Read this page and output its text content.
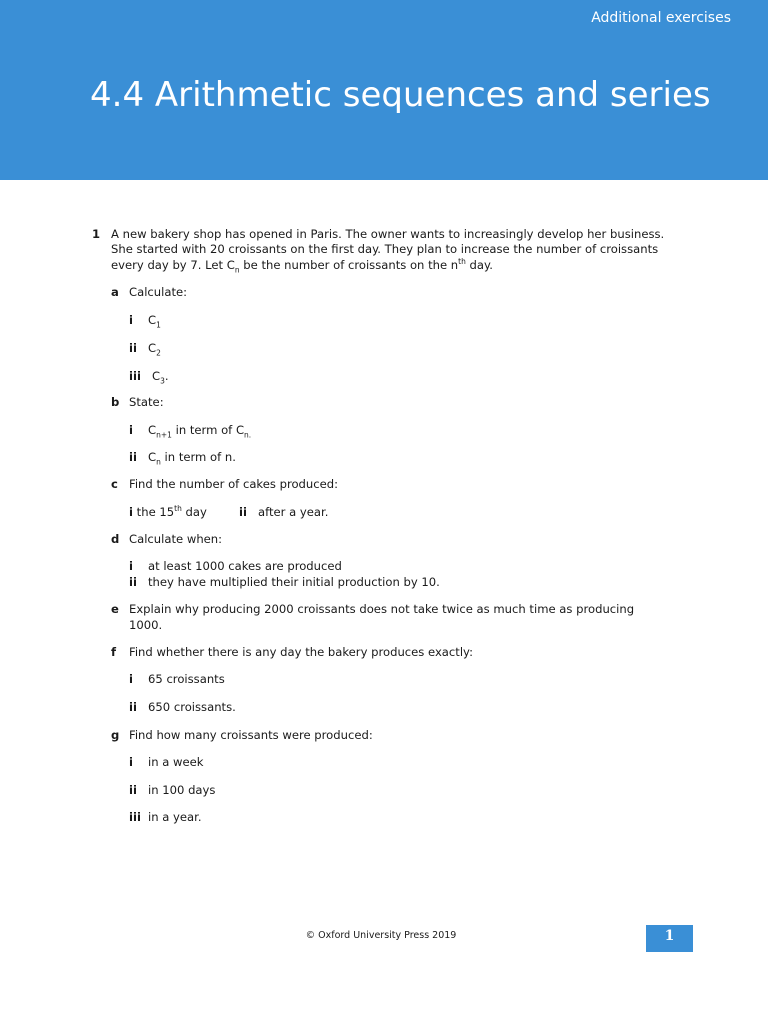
Additional exercises
4.4 Arithmetic sequences and series
1 A new bakery shop has opened in Paris. The owner wants to increasingly develop her business.
She started with 20 croissants on the first day. They plan to increase the number of croissants
every day by 7. Let $C_n$ be the number of croissants on the $n^{th}$ day.
a Calculate:
i $C_1$
ii $C_2$
iii $C_3$.
b State:
i $C_{n+1}$ in term of $C_{n.}$
ii $C_n$ in term of n.
c Find the number of cakes produced:
i the 15th day	ii after a year.
d Calculate when:
i at least 1000 cakes are produced
ii they have multiplied their initial production by 10.
e Explain why producing 2000 croissants does not take twice as much time as producing
1000.
f Find whether there is any day the bakery produces exactly:
i 65 croissants
ii 650 croissants.
g Find how many croissants were produced:
i in a week
ii in 100 days
iii in a year.
© Oxford University Press 2019	1
